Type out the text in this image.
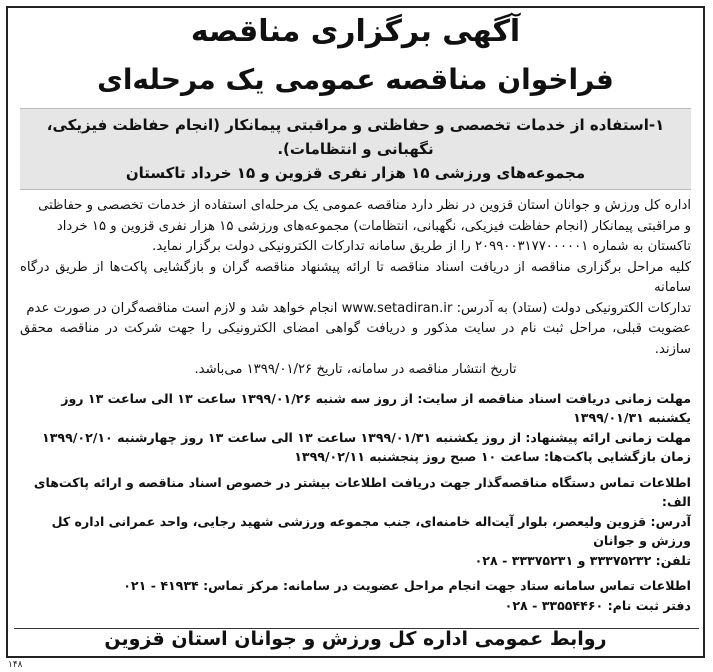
آگهی برگزاری مناقصه
فراخوان مناقصه عمومی یک مرحله‌ای
۱-استفاده از خدمات تخصصی و حفاظتی و مراقبتی پیمانکار (انجام حفاظت فیزیکی، نگهبانی و انتظامات).
مجموعه‌های ورزشی ۱۵ هزار نفری قزوین و ۱۵ خرداد تاکستان

اداره کل ورزش و جوانان استان قزوین در نظر دارد مناقصه عمومی یک مرحله‌ای استفاده از خدمات تخصصی و حفاظتی

و مراقبتی پیمانکار (انجام حفاظت فیزیکی، نگهبانی، انتظامات) مجموعه‌های ورزشی ۱۵ هزار نفری قزوین و ۱۵ خرداد

تاکستان به شماره ۲۰۹۹۰۰۳۱۷۷۰۰۰۰۰۱ را از طریق سامانه تدارکات الکترونیکی دولت برگزار نماید.

کلیه مراحل برگزاری مناقصه از دریافت اسناد مناقصه تا ارائه پیشنهاد مناقصه گران و بازگشایی پاکت‌ها از طریق درگاه سامانه

تدارکات الکترونیکی دولت (ستاد) به آدرس: www.setadiran.ir انجام خواهد شد و لازم است مناقصه‌گران در صورت عدم

عضویت قبلی، مراحل ثبت نام در سایت مذکور و دریافت گواهی امضای الکترونیکی را جهت شرکت در مناقصه محقق سازند.

تاریخ انتشار مناقصه در سامانه، تاریخ ۱۳۹۹/۰۱/۲۶ می‌باشد.

مهلت زمانی دریافت اسناد مناقصه از سایت: از روز سه شنبه ۱۳۹۹/۰۱/۲۶ ساعت ۱۳ الی ساعت ۱۳ روز یکشنبه ۱۳۹۹/۰۱/۳۱

مهلت زمانی ارائه پیشنهاد: از روز یکشنبه ۱۳۹۹/۰۱/۳۱ ساعت ۱۳ الی ساعت ۱۳ روز چهارشنبه ۱۳۹۹/۰۲/۱۰

زمان بازگشایی پاکت‌ها: ساعت ۱۰ صبح روز پنجشنبه ۱۳۹۹/۰۲/۱۱

اطلاعات تماس دستگاه مناقصه‌گذار جهت دریافت اطلاعات بیشتر در خصوص اسناد مناقصه و ارائه پاکت‌های الف:

آدرس: قزوین ولیعصر، بلوار آیت‌اله خامنه‌ای، جنب مجموعه ورزشی شهید رجایی، واحد عمرانی اداره کل ورزش و جوانان

تلفن: ۳۳۳۷۵۲۳۲ و ۳۳۳۷۵۲۳۱ - ۰۲۸

اطلاعات تماس سامانه ستاد جهت انجام مراحل عضویت در سامانه: مرکز تماس: ۴۱۹۳۴ - ۰۲۱

دفتر ثبت نام: ۳۳۵۵۴۴۶۰ - ۰۲۸

روابط عمومی اداره کل ورزش و جوانان استان قزوین
۱۴۸
